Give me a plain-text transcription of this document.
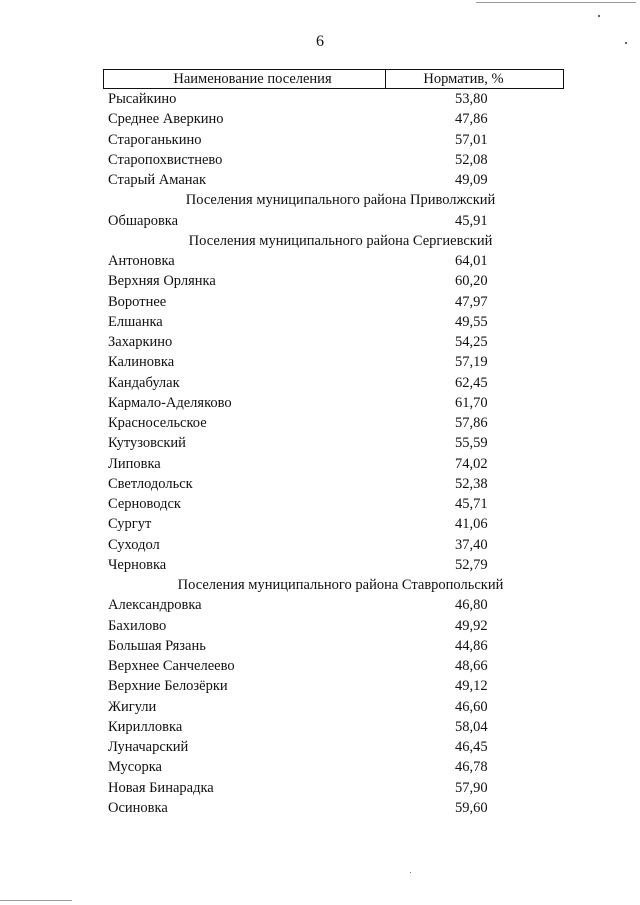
6
Наименование поселения	Норматив, %
Рысайкино	53,80
Среднее Аверкино	47,86
Староганькино	57,01
Старопохвистнево	52,08
Старый Аманак	49,09
Поселения муниципального района Приволжский
Обшаровка	45,91
Поселения муниципального района Сергиевский
Антоновка	64,01
Верхняя Орлянка	60,20
Воротнее	47,97
Елшанка	49,55
Захаркино	54,25
Калиновка	57,19
Кандабулак	62,45
Кармало-Аделяково	61,70
Красносельское	57,86
Кутузовский	55,59
Липовка	74,02
Светлодольск	52,38
Серноводск	45,71
Сургут	41,06
Суходол	37,40
Черновка	52,79
Поселения муниципального района Ставропольский
Александровка	46,80
Бахилово	49,92
Большая Рязань	44,86
Верхнее Санчелеево	48,66
Верхние Белозёрки	49,12
Жигули	46,60
Кирилловка	58,04
Луначарский	46,45
Мусорка	46,78
Новая Бинарадка	57,90
Осиновка	59,60
